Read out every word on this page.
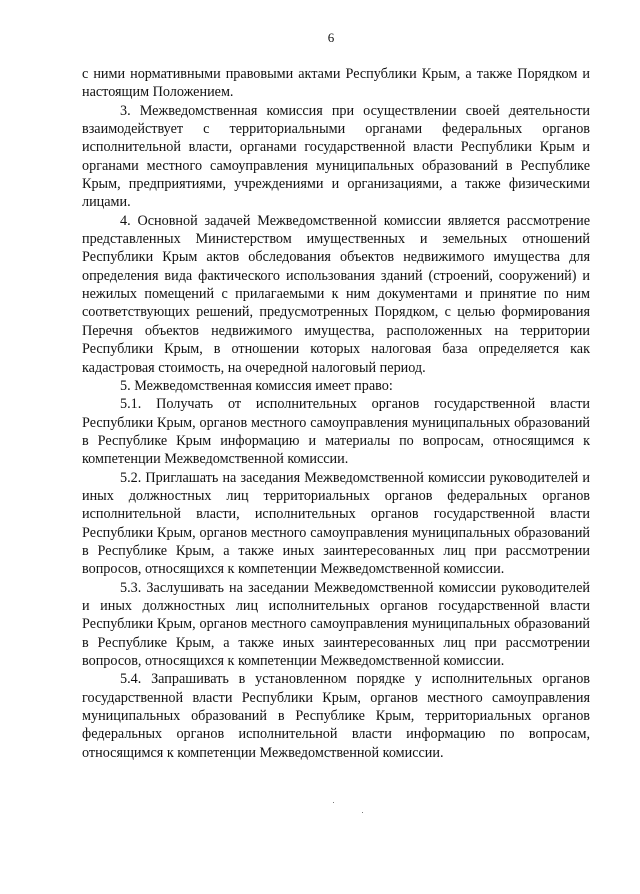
6

с ними нормативными правовыми актами Республики Крым, а также Порядком и настоящим Положением.

3. Межведомственная комиссия при осуществлении своей деятельности взаимодействует с территориальными органами федеральных органов исполнительной власти, органами государственной власти Республики Крым и органами местного самоуправления муниципальных образований в Республике Крым, предприятиями, учреждениями и организациями, а также физическими лицами.

4. Основной задачей Межведомственной комиссии является рассмотрение представленных Министерством имущественных и земельных отношений Республики Крым актов обследования объектов недвижимого имущества для определения вида фактического использования зданий (строений, сооружений) и нежилых помещений с прилагаемыми к ним документами и принятие по ним соответствующих решений, предусмотренных Порядком, с целью формирования Перечня объектов недвижимого имущества, расположенных на территории Республики Крым, в отношении которых налоговая база определяется как кадастровая стоимость, на очередной налоговый период.

5. Межведомственная комиссия имеет право:

5.1. Получать от исполнительных органов государственной власти Республики Крым, органов местного самоуправления муниципальных образований в Республике Крым информацию и материалы по вопросам, относящимся к компетенции Межведомственной комиссии.

5.2. Приглашать на заседания Межведомственной комиссии руководителей и иных должностных лиц территориальных органов федеральных органов исполнительной власти, исполнительных органов государственной власти Республики Крым, органов местного самоуправления муниципальных образований в Республике Крым, а также иных заинтересованных лиц при рассмотрении вопросов, относящихся к компетенции Межведомственной комиссии.

5.3. Заслушивать на заседании Межведомственной комиссии руководителей и иных должностных лиц исполнительных органов государственной власти Республики Крым, органов местного самоуправления муниципальных образований в Республике Крым, а также иных заинтересованных лиц при рассмотрении вопросов, относящихся к компетенции Межведомственной комиссии.

5.4. Запрашивать в установленном порядке у исполнительных органов государственной власти Республики Крым, органов местного самоуправления муниципальных образований в Республике Крым, территориальных органов федеральных органов исполнительной власти информацию по вопросам, относящимся к компетенции Межведомственной комиссии.
